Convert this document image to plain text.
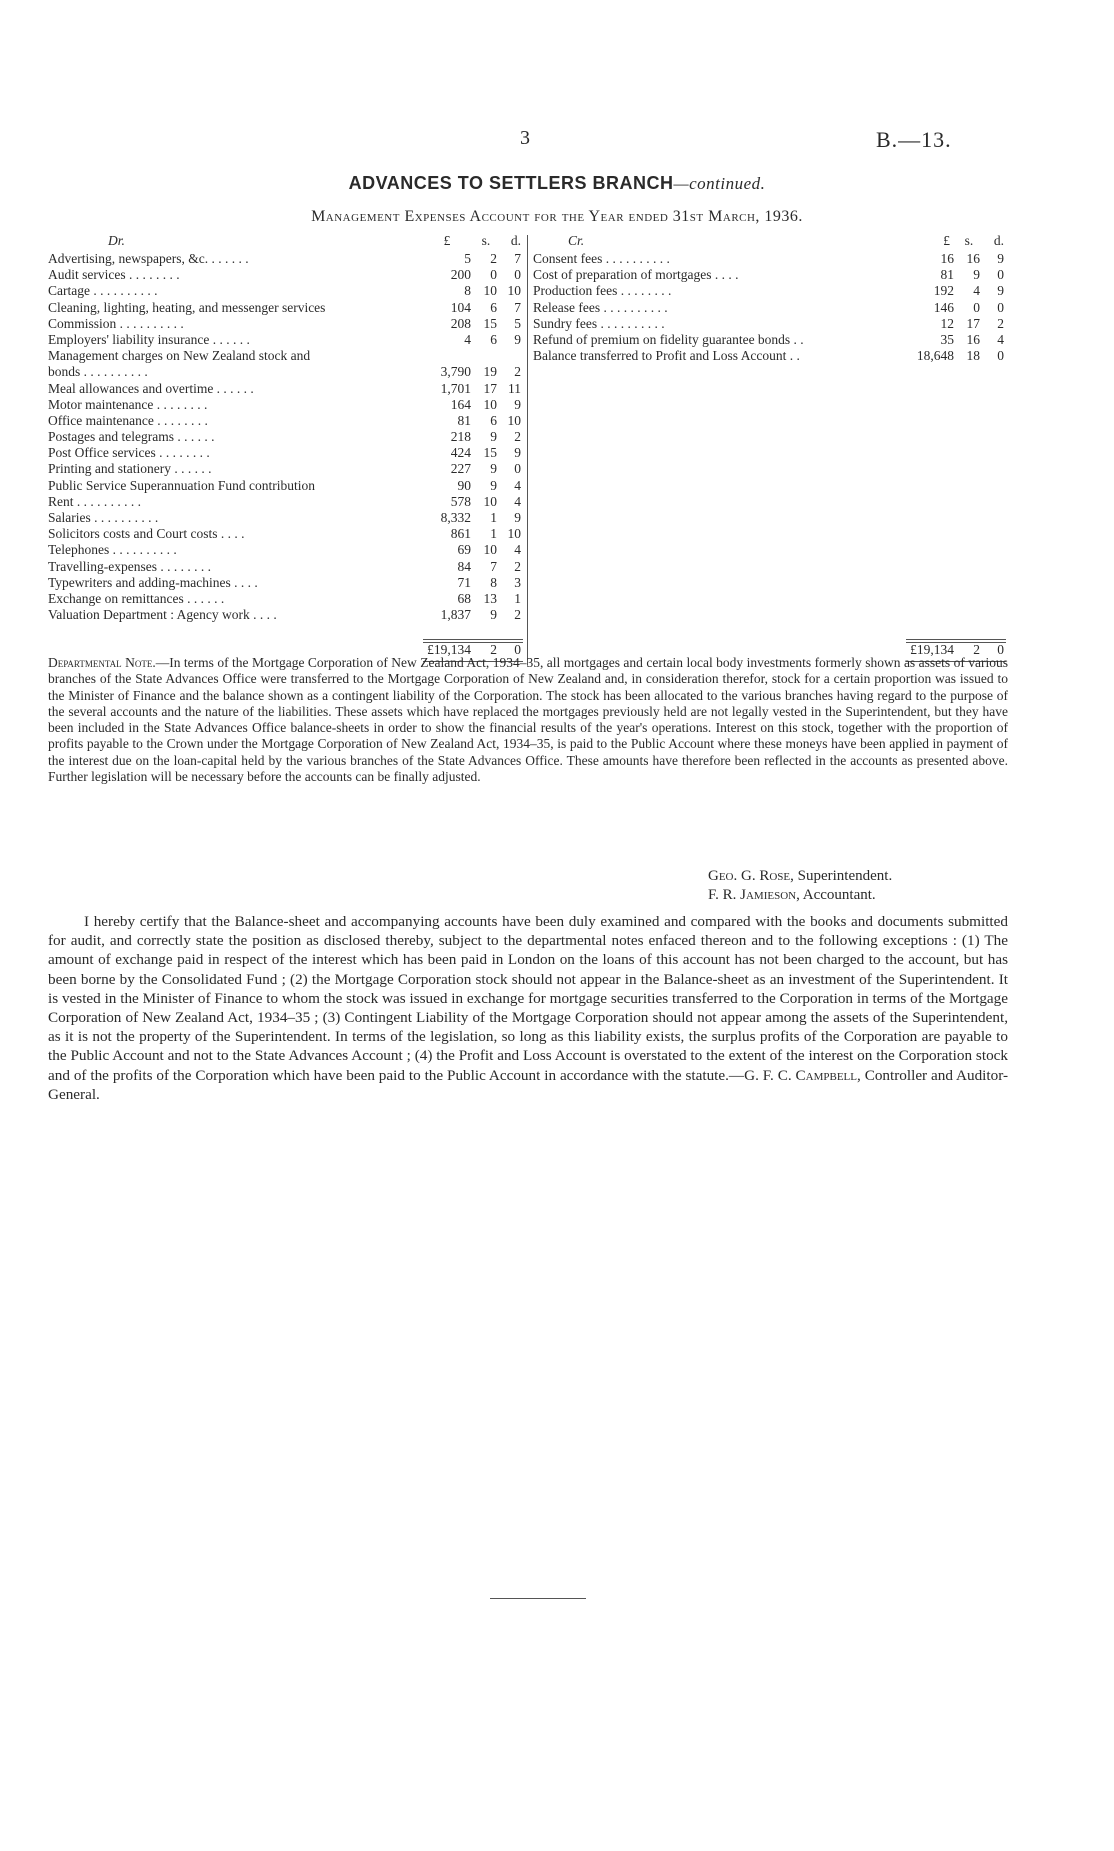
3	B.—13.
ADVANCES TO SETTLERS BRANCH—continued.
Management Expenses Account for the Year ended 31st March, 1936.
Dr.	£	s.	d.
Advertising, newspapers, &c. . . . . . .	5	2	7
Audit services . . . . . . . .	200	0	0
Cartage . . . . . . . . . .	8 10 10
Cleaning, lighting, heating, and messenger services	104	6	7
Commission . . . . . . . . . .	208 15	5
Employers' liability insurance . . . . . .	4	6	9
Management charges on New Zealand stock and
bonds . . . . . . . . . .	3,790 19	2
Meal allowances and overtime . . . . . .	1,701 17 11
Motor maintenance . . . . . . . .	164 10	9
Office maintenance . . . . . . . .	81	6 10
Postages and telegrams . . . . . .	218	9	2
Post Office services . . . . . . . .	424 15	9
Printing and stationery . . . . . .	227	9	0
Public Service Superannuation Fund contribution	90	9	4
Rent . . . . . . . . . .	578 10	4
Salaries . . . . . . . . . .	8,332	1	9
Solicitors costs and Court costs . . . .	861	1 10
Telephones . . . . . . . . . .	69 10	4
Travelling-expenses . . . . . . . .	84	7	2
Typewriters and adding-machines . . . .	71	8	3
Exchange on remittances . . . . . .	68 13	1
Valuation Department : Agency work . . . .	1,837	9	2
£19,134	2	0
Cr.	£	s.	d.
Consent fees . . . . . . . . . .	16 16	9
Cost of preparation of mortgages . . . .	81	9	0
Production fees . . . . . . . .	192	4	9
Release fees . . . . . . . . . .	146	0	0
Sundry fees . . . . . . . . . .	12 17	2
Refund of premium on fidelity guarantee bonds . .	35 16	4
Balance transferred to Profit and Loss Account . .	18,648 18	0
£19,134	2	0
Departmental Note.—In terms of the Mortgage Corporation of New Zealand Act, 1934–35, all mortgages and certain local body investments formerly shown as assets of various branches of the State Advances Office were transferred to the Mortgage Corporation of New Zealand and, in consideration therefor, stock for a certain proportion was issued to the Minister of Finance and the balance shown as a contingent liability of the Corporation. The stock has been allocated to the various branches having regard to the purpose of the several accounts and the nature of the liabilities. These assets which have replaced the mortgages previously held are not legally vested in the Superintendent, but they have been included in the State Advances Office balance-sheets in order to show the financial results of the year's operations. Interest on this stock, together with the proportion of profits payable to the Crown under the Mortgage Corporation of New Zealand Act, 1934–35, is paid to the Public Account where these moneys have been applied in payment of the interest due on the loan-capital held by the various branches of the State Advances Office. These amounts have therefore been reflected in the accounts as presented above. Further legislation will be necessary before the accounts can be finally adjusted.
Geo. G. Rose, Superintendent.
F. R. Jamieson, Accountant.
I hereby certify that the Balance-sheet and accompanying accounts have been duly examined and compared with the books and documents submitted for audit, and correctly state the position as disclosed thereby, subject to the departmental notes enfaced thereon and to the following exceptions : (1) The amount of exchange paid in respect of the interest which has been paid in London on the loans of this account has not been charged to the account, but has been borne by the Consolidated Fund ; (2) the Mortgage Corporation stock should not appear in the Balance-sheet as an investment of the Superintendent. It is vested in the Minister of Finance to whom the stock was issued in exchange for mortgage securities transferred to the Corporation in terms of the Mortgage Corporation of New Zealand Act, 1934–35 ; (3) Contingent Liability of the Mortgage Corporation should not appear among the assets of the Superintendent, as it is not the property of the Superintendent. In terms of the legislation, so long as this liability exists, the surplus profits of the Corporation are payable to the Public Account and not to the State Advances Account ; (4) the Profit and Loss Account is overstated to the extent of the interest on the Corporation stock and of the profits of the Corporation which have been paid to the Public Account in accordance with the statute.—G. F. C. Campbell, Controller and Auditor-General.
